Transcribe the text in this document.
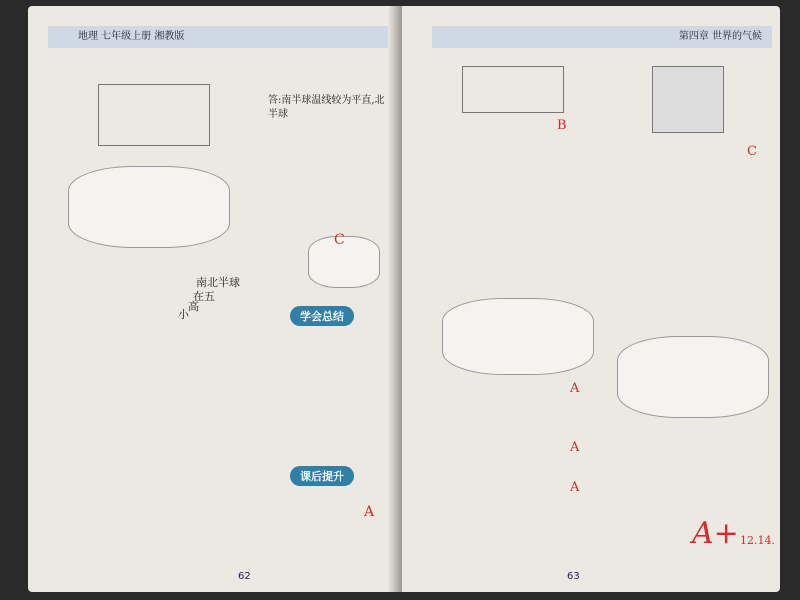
地理 七年级上册 湘教版
答:南半球温线较为平直,北半球
南北半球
在五
高
小	学会总结
课后提升
C
A
62
第四章 世界的气候
B
C
A
A
A
A+ 12.14.
63
